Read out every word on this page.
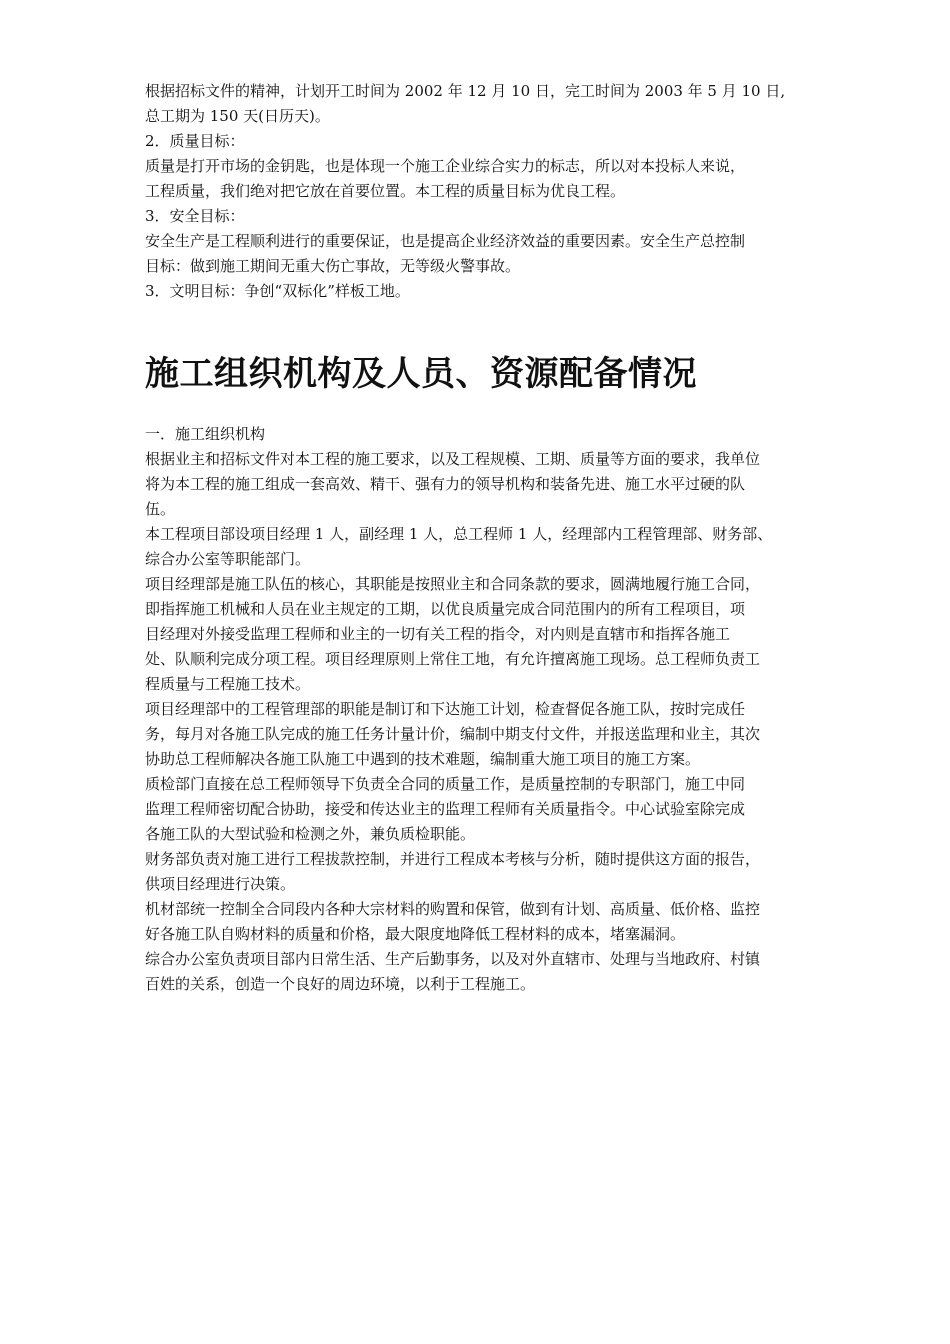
根据招标文件的精神，计划开工时间为 2002 年 12 月 10 日，完工时间为 2003 年 5 月 10 日,

总工期为 150 天(日历天)。

2．质量目标：

质量是打开市场的金钥匙，也是体现一个施工企业综合实力的标志，所以对本投标人来说，

工程质量，我们绝对把它放在首要位置。本工程的质量目标为优良工程。

3．安全目标：

安全生产是工程顺利进行的重要保证，也是提高企业经济效益的重要因素。安全生产总控制

目标：做到施工期间无重大伤亡事故，无等级火警事故。

3．文明目标：争创“双标化”样板工地。

施工组织机构及人员、资源配备情况

一．施工组织机构

根据业主和招标文件对本工程的施工要求，以及工程规模、工期、质量等方面的要求，我单位

将为本工程的施工组成一套高效、精干、强有力的领导机构和装备先进、施工水平过硬的队

伍。

本工程项目部设项目经理 1 人，副经理 1 人，总工程师 1 人，经理部内工程管理部、财务部、

综合办公室等职能部门。

项目经理部是施工队伍的核心，其职能是按照业主和合同条款的要求，圆满地履行施工合同，

即指挥施工机械和人员在业主规定的工期，以优良质量完成合同范围内的所有工程项目，项

目经理对外接受监理工程师和业主的一切有关工程的指令，对内则是直辖市和指挥各施工

处、队顺利完成分项工程。项目经理原则上常住工地，有允许擅离施工现场。总工程师负责工

程质量与工程施工技术。

项目经理部中的工程管理部的职能是制订和下达施工计划，检查督促各施工队，按时完成任

务，每月对各施工队完成的施工任务计量计价，编制中期支付文件，并报送监理和业主，其次

协助总工程师解决各施工队施工中遇到的技术难题，编制重大施工项目的施工方案。

质检部门直接在总工程师领导下负责全合同的质量工作，是质量控制的专职部门，施工中同

监理工程师密切配合协助，接受和传达业主的监理工程师有关质量指令。中心试验室除完成

各施工队的大型试验和检测之外，兼负质检职能。

财务部负责对施工进行工程拔款控制，并进行工程成本考核与分析，随时提供这方面的报告，

供项目经理进行决策。

机材部统一控制全合同段内各种大宗材料的购置和保管，做到有计划、高质量、低价格、监控

好各施工队自购材料的质量和价格，最大限度地降低工程材料的成本，堵塞漏洞。

综合办公室负责项目部内日常生活、生产后勤事务，以及对外直辖市、处理与当地政府、村镇

百姓的关系，创造一个良好的周边环境，以利于工程施工。
